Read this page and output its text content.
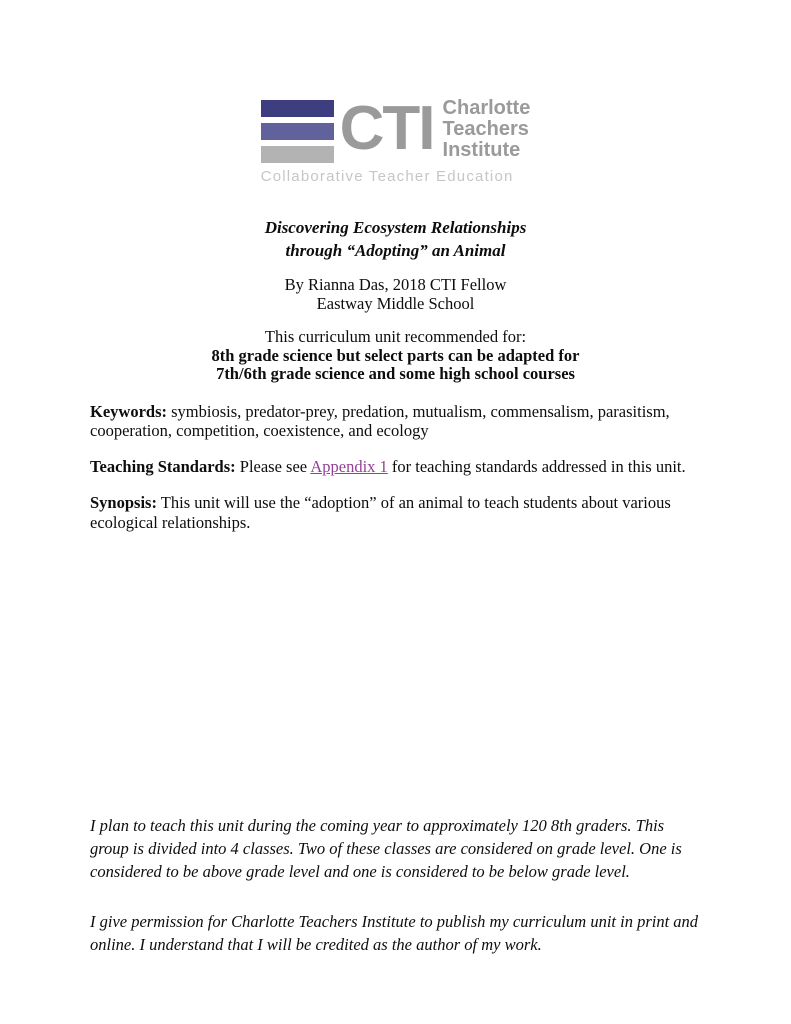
CTI Charlotte
Teachers
Institute
Collaborative Teacher Education
Discovering Ecosystem Relationships
through “Adopting” an Animal
By Rianna Das, 2018 CTI Fellow
Eastway Middle School
This curriculum unit recommended for:
8th grade science but select parts can be adapted for
7th/6th grade science and some high school courses

Keywords: symbiosis, predator-prey, predation, mutualism, commensalism, parasitism, cooperation, competition, coexistence, and ecology

Teaching Standards: Please see Appendix 1 for teaching standards addressed in this unit.

Synopsis: This unit will use the “adoption” of an animal to teach students about various ecological relationships.

I plan to teach this unit during the coming year to approximately 120 8th graders. This group is divided into 4 classes. Two of these classes are considered on grade level. One is considered to be above grade level and one is considered to be below grade level.

I give permission for Charlotte Teachers Institute to publish my curriculum unit in print and online. I understand that I will be credited as the author of my work.
